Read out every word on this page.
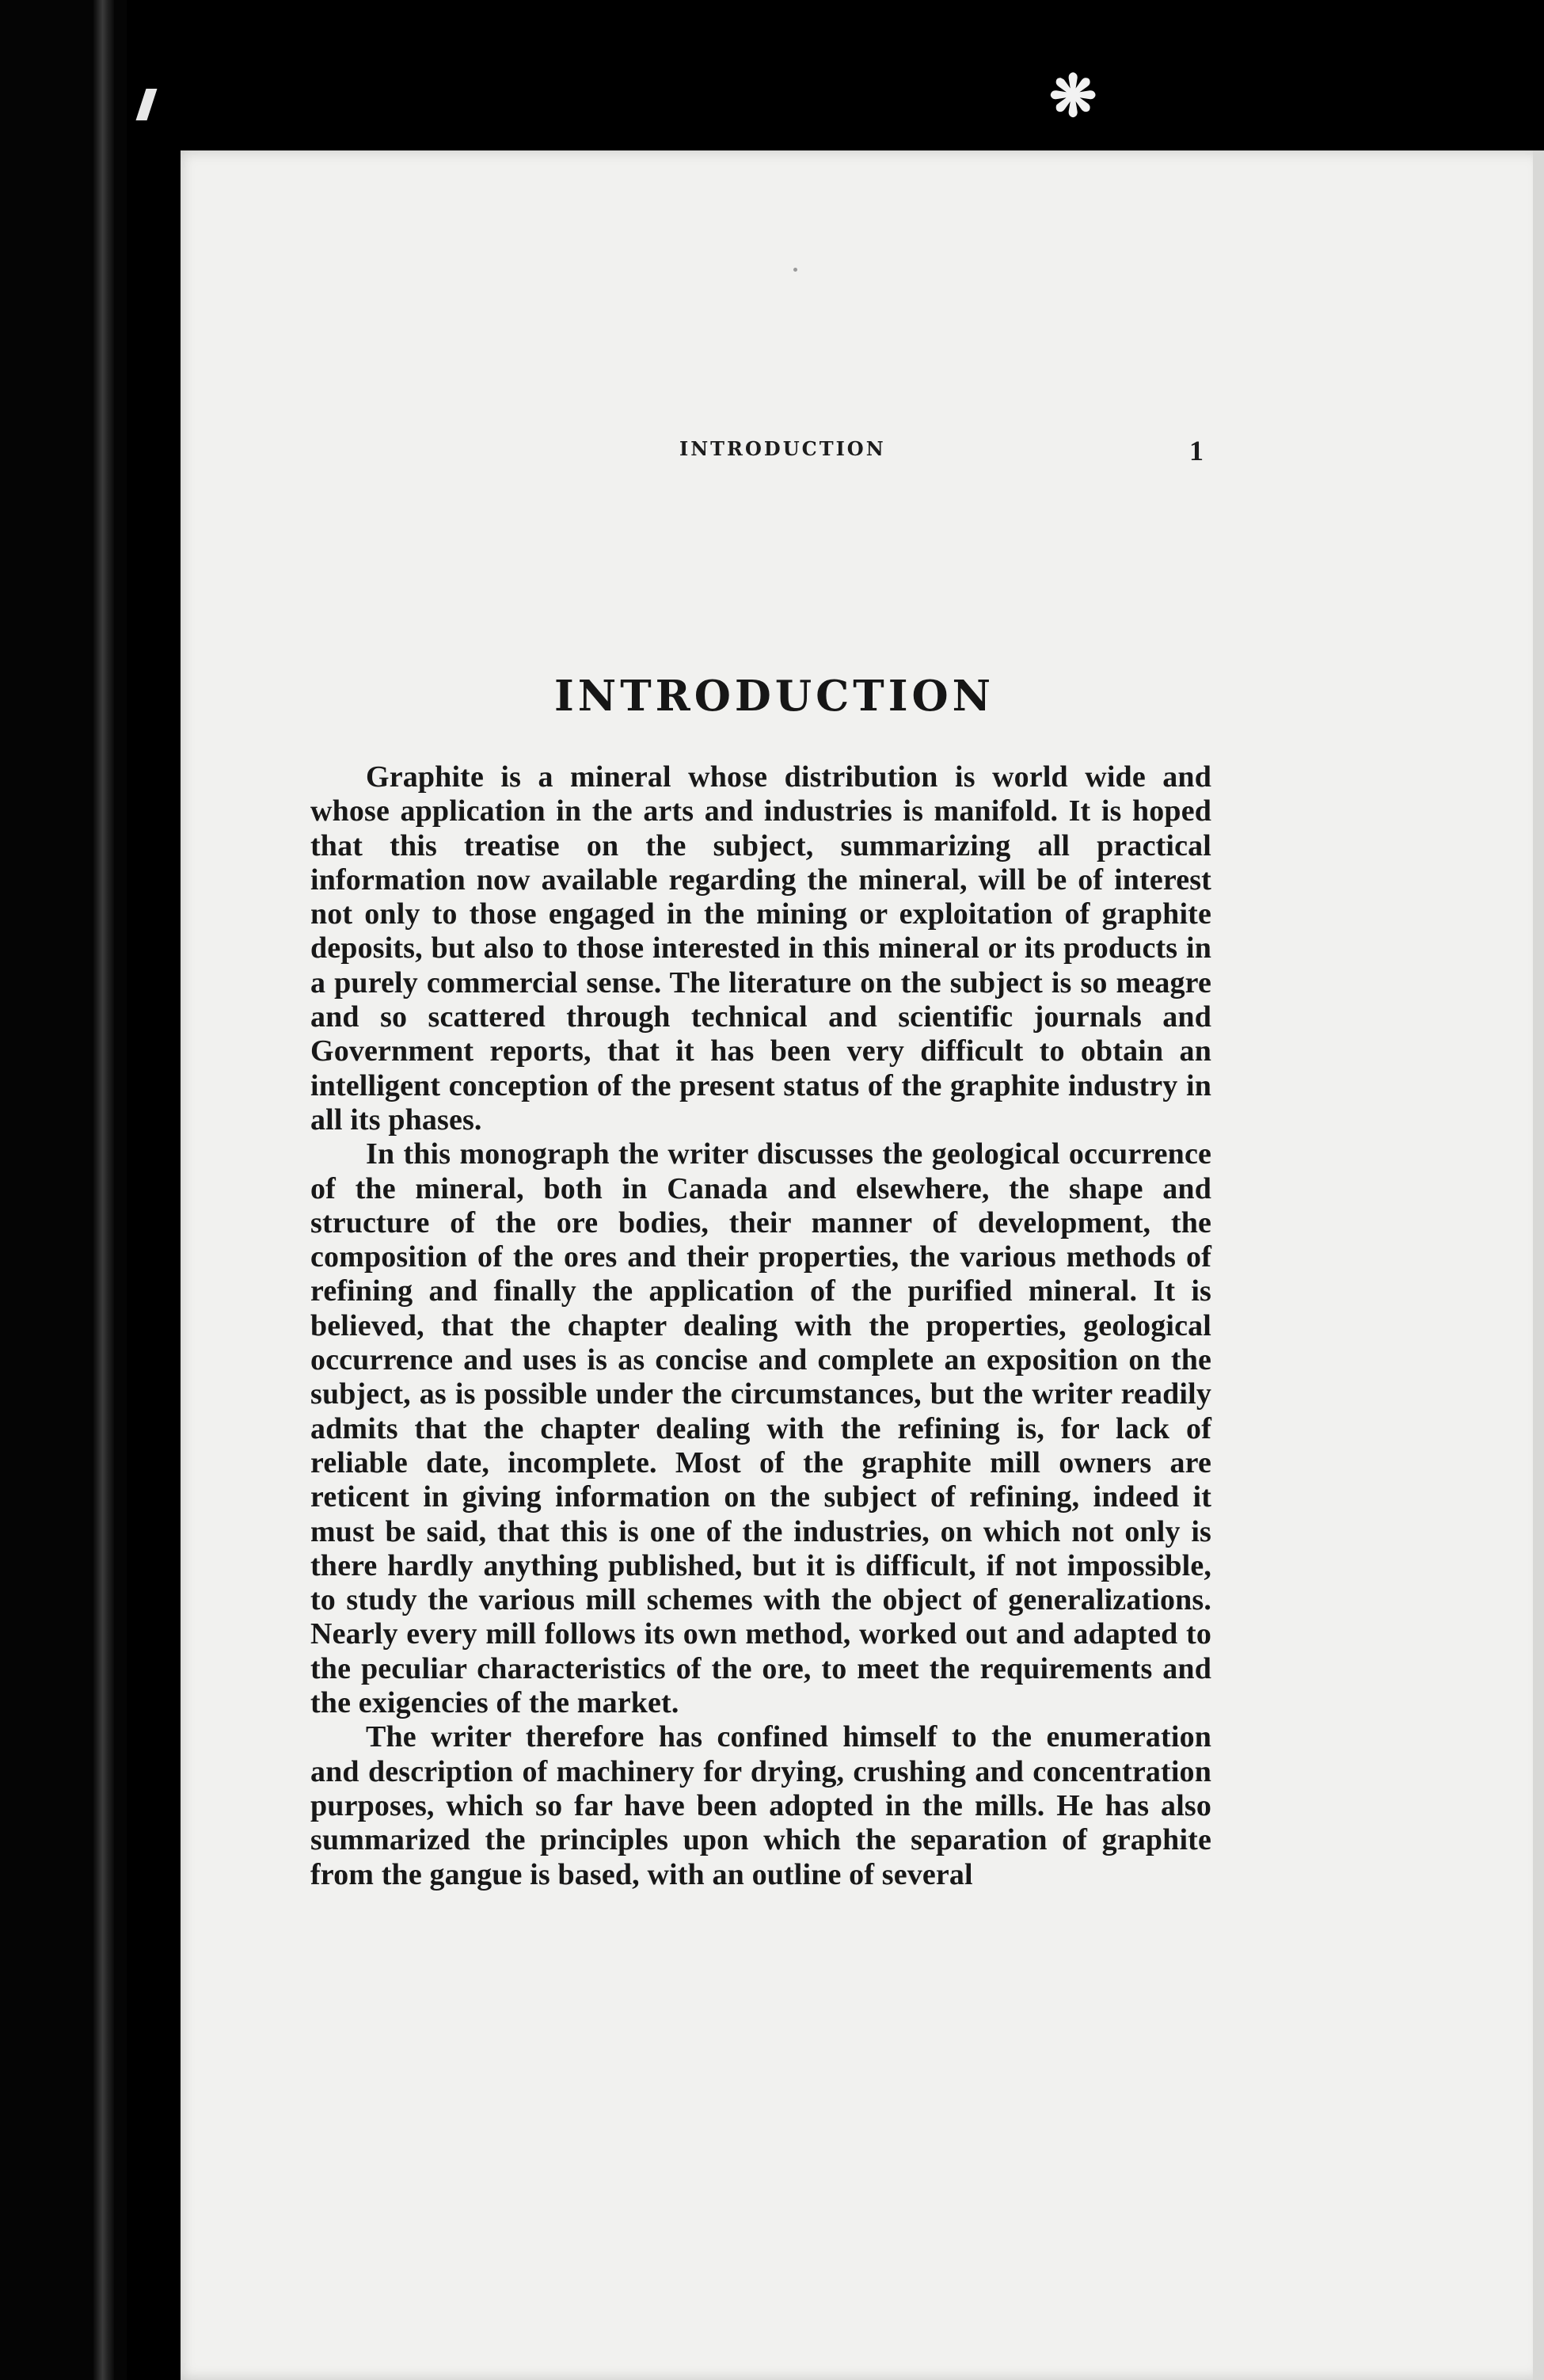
❋
INTRODUCTION	1
INTRODUCTION

Graphite is a mineral whose distribution is world wide and whose application in the arts and industries is manifold. It is hoped that this treatise on the subject, summarizing all practical information now available regarding the mineral, will be of interest not only to those engaged in the mining or exploitation of graphite deposits, but also to those interested in this mineral or its products in a purely commercial sense. The literature on the subject is so meagre and so scattered through technical and scientific journals and Government reports, that it has been very difficult to obtain an intelligent conception of the present status of the graphite industry in all its phases.

In this monograph the writer discusses the geological occurrence of the mineral, both in Canada and elsewhere, the shape and structure of the ore bodies, their manner of development, the composition of the ores and their properties, the various methods of refining and finally the application of the purified mineral. It is believed, that the chapter dealing with the properties, geological occurrence and uses is as concise and complete an exposition on the subject, as is possible under the circumstances, but the writer readily admits that the chapter dealing with the refining is, for lack of reliable date, incomplete. Most of the graphite mill owners are reticent in giving information on the subject of refining, indeed it must be said, that this is one of the industries, on which not only is there hardly anything published, but it is difficult, if not impossible, to study the various mill schemes with the object of generalizations. Nearly every mill follows its own method, worked out and adapted to the peculiar characteristics of the ore, to meet the requirements and the exigencies of the market.

The writer therefore has confined himself to the enumeration and description of machinery for drying, crushing and concentration purposes, which so far have been adopted in the mills. He has also summarized the principles upon which the separation of graphite from the gangue is based, with an outline of several
